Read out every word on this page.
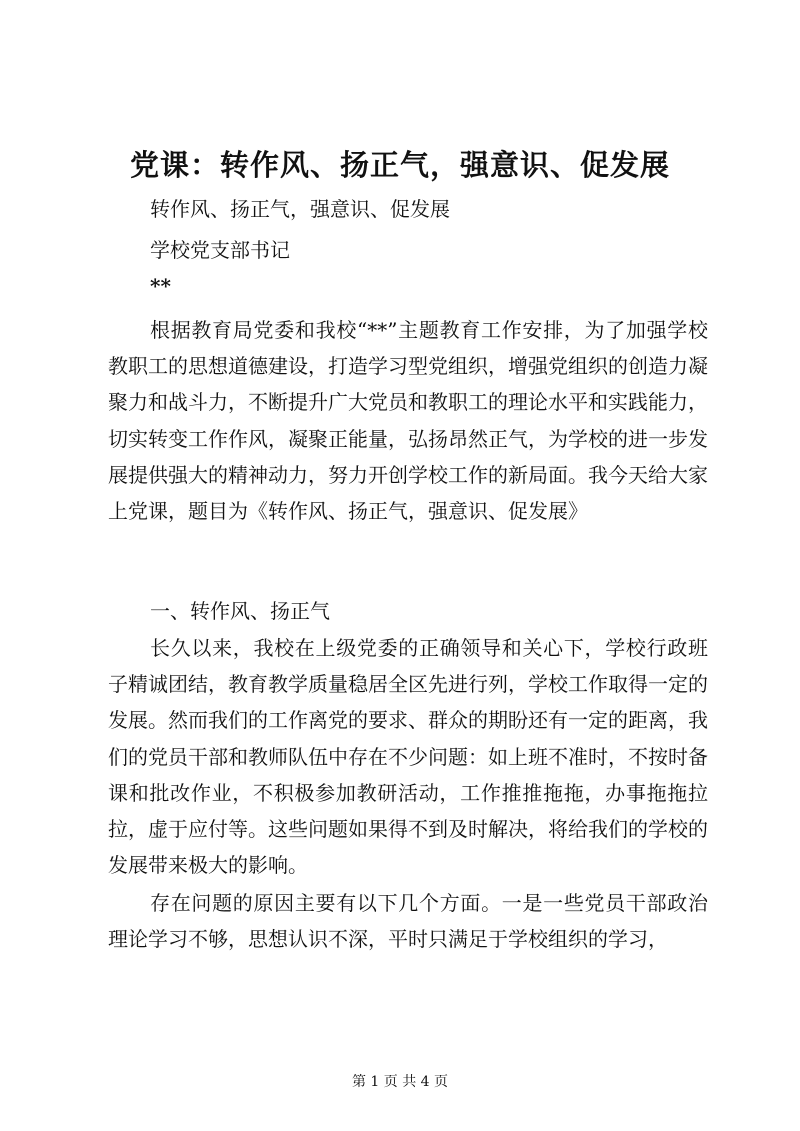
党课：转作风、扬正气，强意识、促发展

转作风、扬正气，强意识、促发展

学校党支部书记

**

根据教育局党委和我校“**”主题教育工作安排，为了加强学校教职工的思想道德建设，打造学习型党组织，增强党组织的创造力凝聚力和战斗力，不断提升广大党员和教职工的理论水平和实践能力，切实转变工作作风，凝聚正能量，弘扬昂然正气，为学校的进一步发展提供强大的精神动力，努力开创学校工作的新局面。我今天给大家上党课，题目为《转作风、扬正气，强意识、促发展》

一、转作风、扬正气

长久以来，我校在上级党委的正确领导和关心下，学校行政班子精诚团结，教育教学质量稳居全区先进行列，学校工作取得一定的发展。然而我们的工作离党的要求、群众的期盼还有一定的距离，我们的党员干部和教师队伍中存在不少问题：如上班不准时，不按时备课和批改作业，不积极参加教研活动，工作推推拖拖，办事拖拖拉拉，虚于应付等。这些问题如果得不到及时解决，将给我们的学校的发展带来极大的影响。

存在问题的原因主要有以下几个方面。一是一些党员干部政治理论学习不够，思想认识不深，平时只满足于学校组织的学习，

第 1 页 共 4 页
